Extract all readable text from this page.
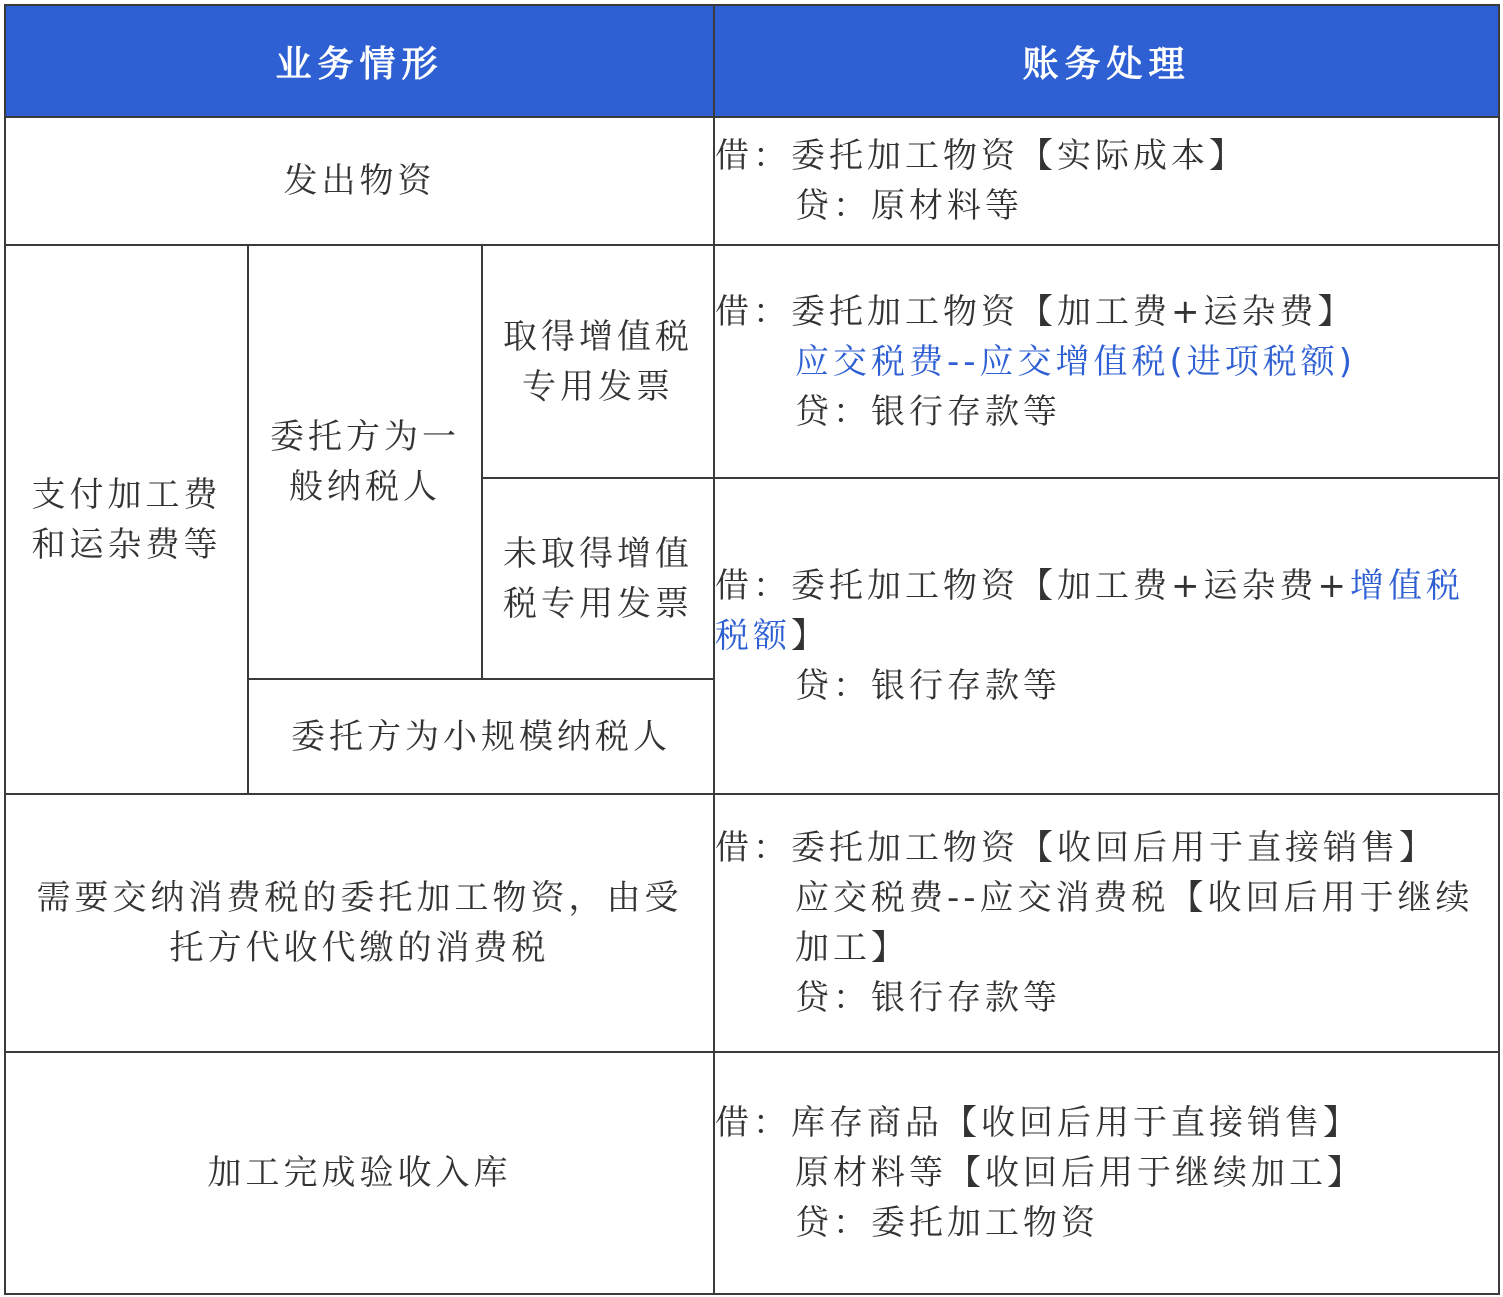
业务情形			账务处理
发出物资			借：委托加工物资【实际成本】
贷：原材料等

支付加工费和运杂费等	委托方为一般纳税人	取得增值税专用发票	借：委托加工物资【加工费+运杂费】
应交税费--应交增值税(进项税额)
贷：银行存款等

		未取得增值税专用发票	借：委托加工物资【加工费+运杂费+增值税税额】
贷：银行存款等

	委托方为小规模纳税人		
需要交纳消费税的委托加工物资，由受托方代收代缴的消费税			借：委托加工物资【收回后用于直接销售】
应交税费--应交消费税【收回后用于继续加工】
贷：银行存款等

加工完成验收入库			借：库存商品【收回后用于直接销售】
原材料等【收回后用于继续加工】
贷：委托加工物资
